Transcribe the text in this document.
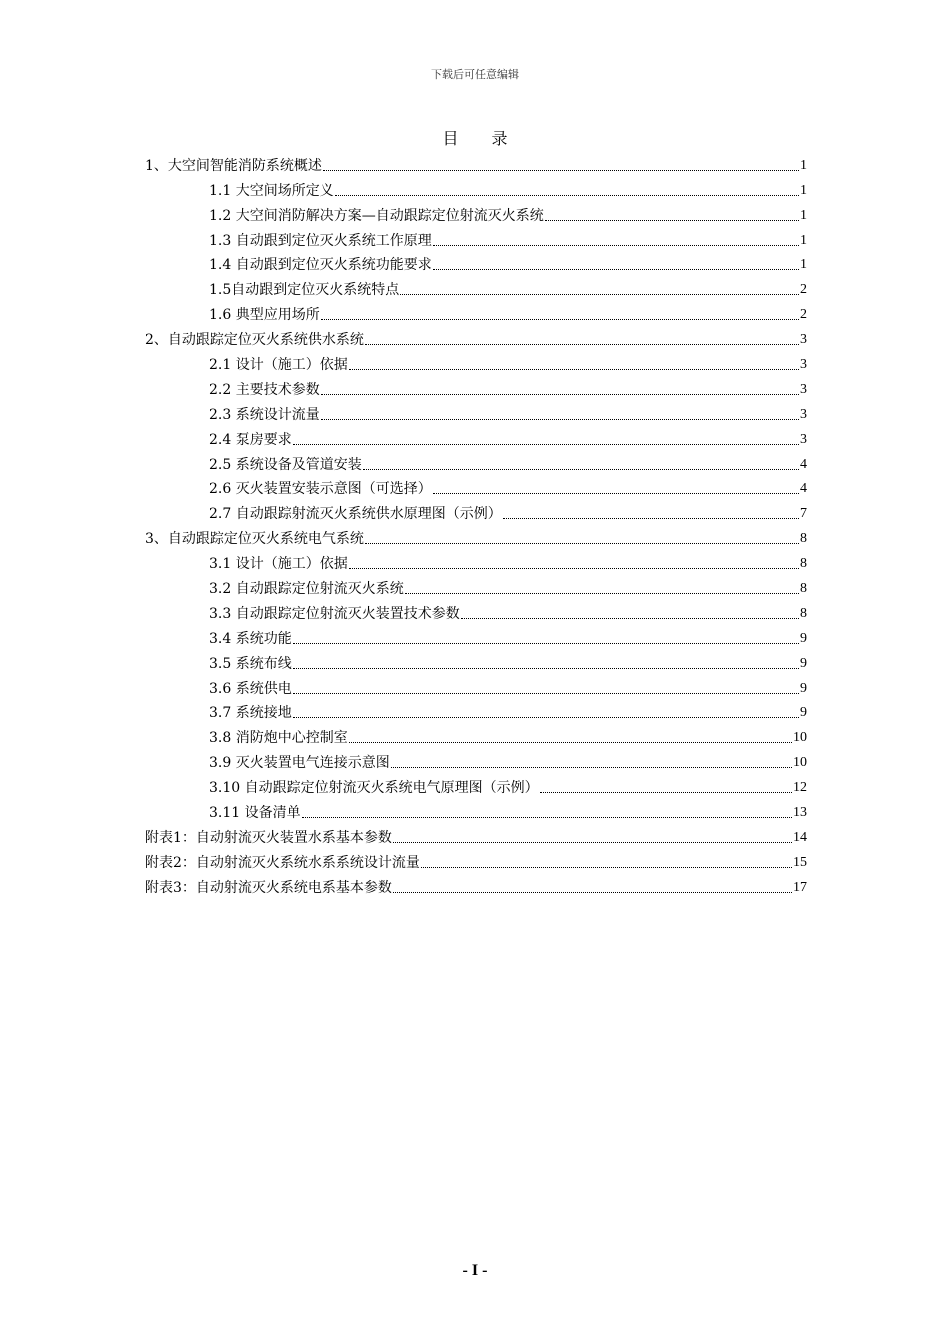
下载后可任意编辑
目 录
1、大空间智能消防系统概述	1
1.1 大空间场所定义	1
1.2 大空间消防解决方案—自动跟踪定位射流灭火系统	1
1.3 自动跟到定位灭火系统工作原理	1
1.4 自动跟到定位灭火系统功能要求	1
1.5自动跟到定位灭火系统特点	2
1.6 典型应用场所	2
2、自动跟踪定位灭火系统供水系统	3
2.1 设计（施工）依据	3
2.2 主要技术参数	3
2.3 系统设计流量	3
2.4 泵房要求	3
2.5 系统设备及管道安装	4
2.6 灭火装置安装示意图（可选择）	4
2.7 自动跟踪射流灭火系统供水原理图（示例）	7
3、自动跟踪定位灭火系统电气系统	8
3.1 设计（施工）依据	8
3.2 自动跟踪定位射流灭火系统	8
3.3 自动跟踪定位射流灭火装置技术参数	8
3.4 系统功能	9
3.5 系统布线	9
3.6 系统供电	9
3.7 系统接地	9
3.8 消防炮中心控制室	10
3.9 灭火装置电气连接示意图	10
3.10 自动跟踪定位射流灭火系统电气原理图（示例）	12
3.11 设备清单	13
附表1：自动射流灭火装置水系基本参数	14
附表2：自动射流灭火系统水系系统设计流量	15
附表3：自动射流灭火系统电系基本参数	17
- I -
